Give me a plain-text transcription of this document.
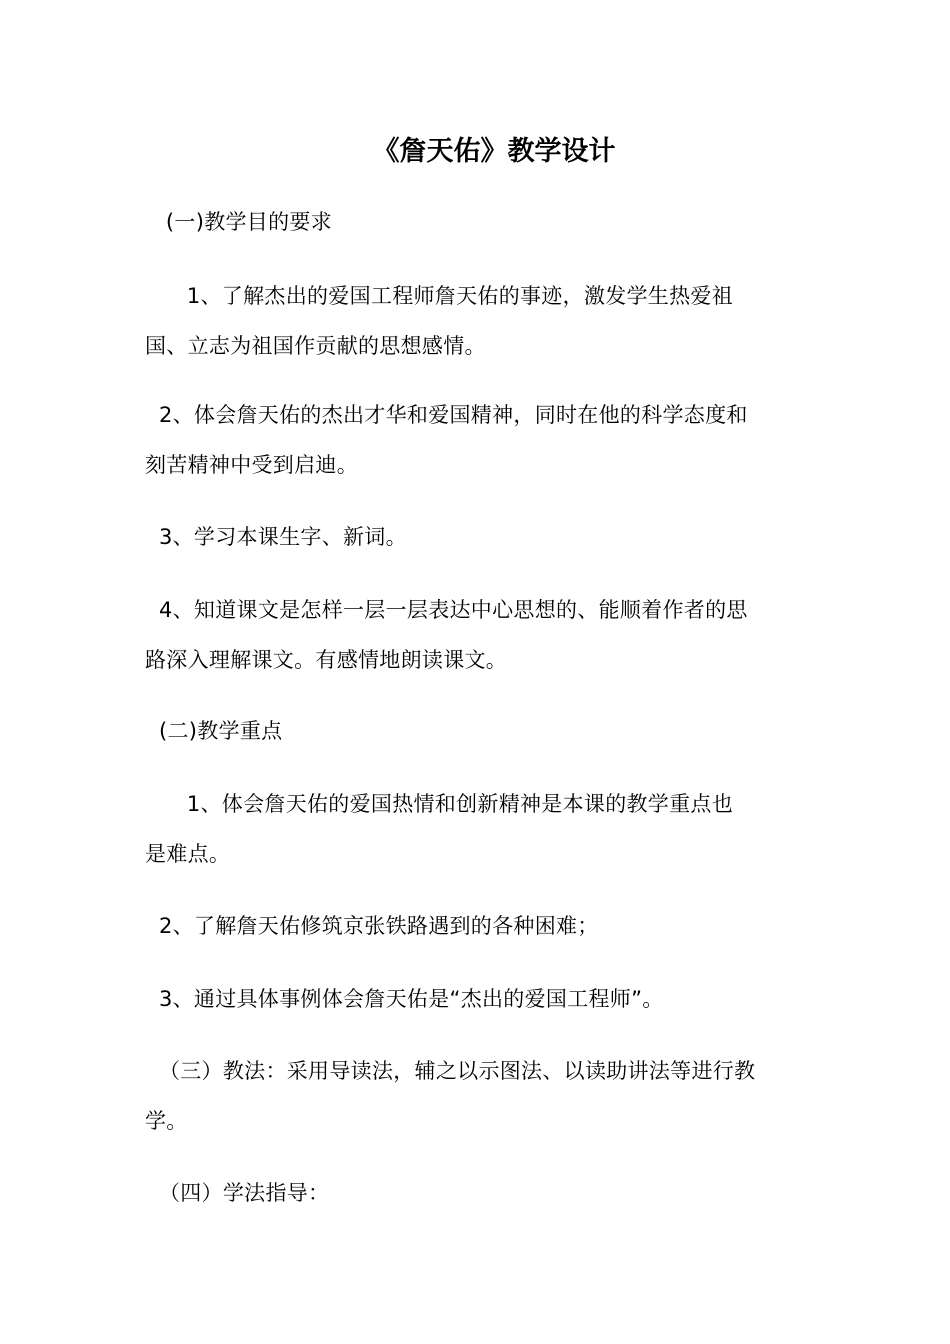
《詹天佑》教学设计
(一)教学目的要求
1、了解杰出的爱国工程师詹天佑的事迹，激发学生热爱祖
国、立志为祖国作贡献的思想感情。
2、体会詹天佑的杰出才华和爱国精神，同时在他的科学态度和
刻苦精神中受到启迪。
3、学习本课生字、新词。
4、知道课文是怎样一层一层表达中心思想的、能顺着作者的思
路深入理解课文。有感情地朗读课文。
(二)教学重点
1、体会詹天佑的爱国热情和创新精神是本课的教学重点也
是难点。
2、了解詹天佑修筑京张铁路遇到的各种困难；
3、通过具体事例体会詹天佑是“杰出的爱国工程师”。
（三）教法：采用导读法，辅之以示图法、以读助讲法等进行教
学。
（四）学法指导：
